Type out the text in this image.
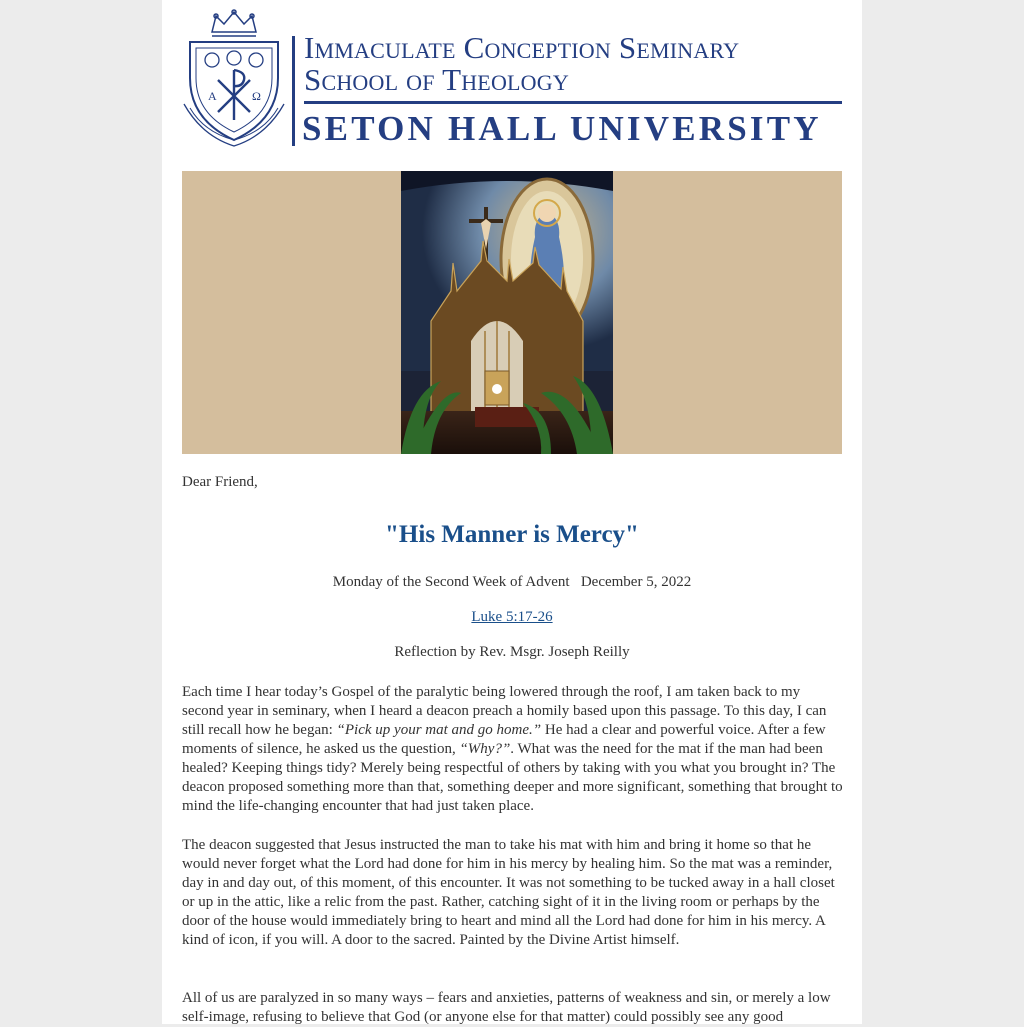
A	Ω
Immaculate Conception Seminary
School of Theology
SETON HALL UNIVERSITY
Dear Friend,
"His Manner is Mercy"
Monday of the Second Week of Advent   December 5, 2022
Luke 5:17-26
Reflection by Rev. Msgr. Joseph Reilly

Each time I hear today’s Gospel of the paralytic being lowered through the roof, I am taken back to my second year in seminary, when I heard a deacon preach a homily based upon this passage. To this day, I can still recall how he began: “Pick up your mat and go home.” He had a clear and powerful voice. After a few moments of silence, he asked us the question, “Why?”. What was the need for the mat if the man had been healed? Keeping things tidy? Merely being respectful of others by taking with you what you brought in? The deacon proposed something more than that, something deeper and more significant, something that brought to mind the life-changing encounter that had just taken place.

The deacon suggested that Jesus instructed the man to take his mat with him and bring it home so that he would never forget what the Lord had done for him in his mercy by healing him. So the mat was a reminder, day in and day out, of this moment, of this encounter. It was not something to be tucked away in a hall closet or up in the attic, like a relic from the past. Rather, catching sight of it in the living room or perhaps by the door of the house would immediately bring to heart and mind all the Lord had done for him in his mercy. A kind of icon, if you will. A door to the sacred. Painted by the Divine Artist himself.

All of us are paralyzed in so many ways – fears and anxieties, patterns of weakness and sin, or merely a low self-image, refusing to believe that God (or anyone else for that matter) could possibly see any good
